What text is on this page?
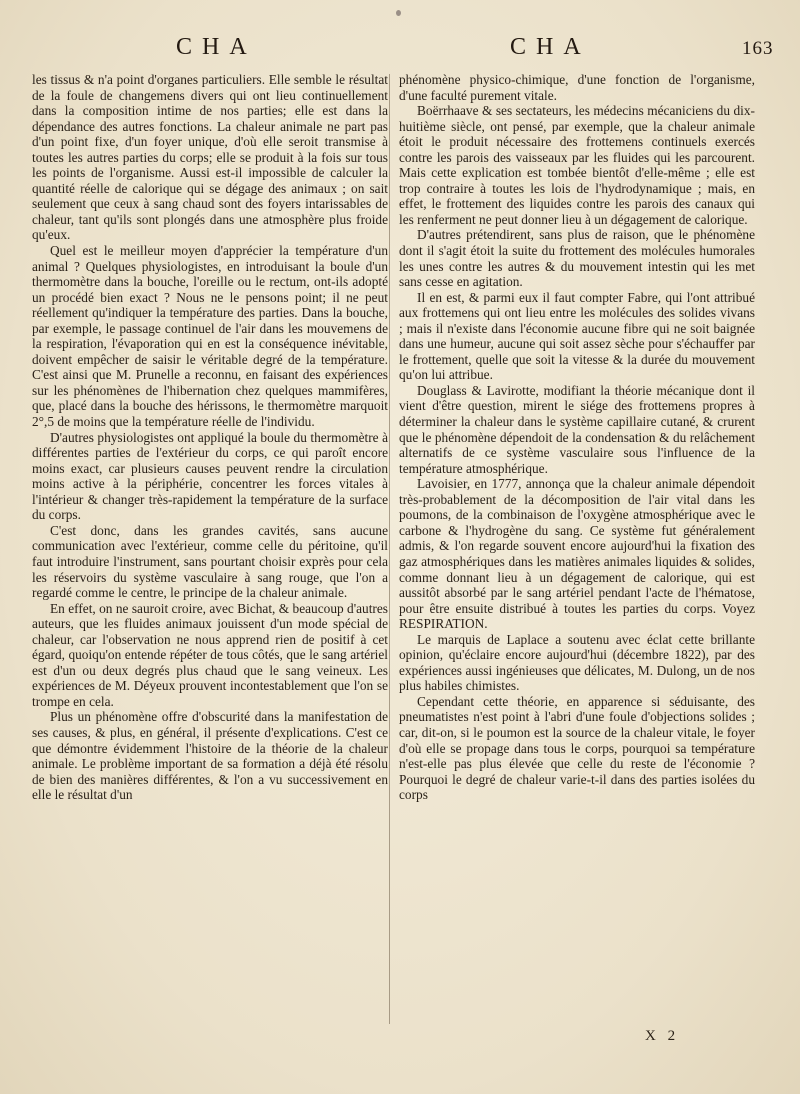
CHA	CHA	163

les tissus & n'a point d'organes particuliers. Elle semble le résultat de la foule de changemens divers qui ont lieu continuellement dans la composition intime de nos parties; elle est dans la dépendance des autres fonctions. La chaleur animale ne part pas d'un point fixe, d'un foyer unique, d'où elle seroit transmise à toutes les autres parties du corps; elle se produit à la fois sur tous les points de l'organisme. Aussi est-il impossible de calculer la quantité réelle de calorique qui se dégage des animaux ; on sait seulement que ceux à sang chaud sont des foyers intarissables de chaleur, tant qu'ils sont plongés dans une atmosphère plus froide qu'eux.

Quel est le meilleur moyen d'apprécier la température d'un animal ? Quelques physiologistes, en introduisant la boule d'un thermomètre dans la bouche, l'oreille ou le rectum, ont-ils adopté un procédé bien exact ? Nous ne le pensons point; il ne peut réellement qu'indiquer la température des parties. Dans la bouche, par exemple, le passage continuel de l'air dans les mouvemens de la respiration, l'évaporation qui en est la conséquence inévitable, doivent empêcher de saisir le véritable degré de la température. C'est ainsi que M. Prunelle a reconnu, en faisant des expériences sur les phénomènes de l'hibernation chez quelques mammifères, que, placé dans la bouche des hérissons, le thermomètre marquoit 2°,5 de moins que la température réelle de l'individu.

D'autres physiologistes ont appliqué la boule du thermomètre à différentes parties de l'extérieur du corps, ce qui paroît encore moins exact, car plusieurs causes peuvent rendre la circulation moins active à la périphérie, concentrer les forces vitales à l'intérieur & changer très-rapidement la température de la surface du corps.

C'est donc, dans les grandes cavités, sans aucune communication avec l'extérieur, comme celle du péritoine, qu'il faut introduire l'instrument, sans pourtant choisir exprès pour cela les réservoirs du système vasculaire à sang rouge, que l'on a regardé comme le centre, le principe de la chaleur animale.

En effet, on ne sauroit croire, avec Bichat, & beaucoup d'autres auteurs, que les fluides animaux jouissent d'un mode spécial de chaleur, car l'observation ne nous apprend rien de positif à cet égard, quoiqu'on entende répéter de tous côtés, que le sang artériel est d'un ou deux degrés plus chaud que le sang veineux. Les expériences de M. Déyeux prouvent incontestablement que l'on se trompe en cela.

Plus un phénomène offre d'obscurité dans la manifestation de ses causes, & plus, en général, il présente d'explications. C'est ce que démontre évidemment l'histoire de la théorie de la chaleur animale. Le problème important de sa formation a déjà été résolu de bien des manières différentes, & l'on a vu successivement en elle le résultat d'un

phénomène physico-chimique, d'une fonction de l'organisme, d'une faculté purement vitale.

Boërrhaave & ses sectateurs, les médecins mécaniciens du dix-huitième siècle, ont pensé, par exemple, que la chaleur animale étoit le produit nécessaire des frottemens continuels exercés contre les parois des vaisseaux par les fluides qui les parcourent. Mais cette explication est tombée bientôt d'elle-même ; elle est trop contraire à toutes les lois de l'hydrodynamique ; mais, en effet, le frottement des liquides contre les parois des canaux qui les renferment ne peut donner lieu à un dégagement de calorique.

D'autres prétendirent, sans plus de raison, que le phénomène dont il s'agit étoit la suite du frottement des molécules humorales les unes contre les autres & du mouvement intestin qui les met sans cesse en agitation.

Il en est, & parmi eux il faut compter Fabre, qui l'ont attribué aux frottemens qui ont lieu entre les molécules des solides vivans ; mais il n'existe dans l'économie aucune fibre qui ne soit baignée dans une humeur, aucune qui soit assez sèche pour s'échauffer par le frottement, quelle que soit la vitesse & la durée du mouvement qu'on lui attribue.

Douglass & Lavirotte, modifiant la théorie mécanique dont il vient d'être question, mirent le siége des frottemens propres à déterminer la chaleur dans le système capillaire cutané, & crurent que le phénomène dépendoit de la condensation & du relâchement alternatifs de ce système vasculaire sous l'influence de la température atmosphérique.

Lavoisier, en 1777, annonça que la chaleur animale dépendoit très-probablement de la décomposition de l'air vital dans les poumons, de la combinaison de l'oxygène atmosphérique avec le carbone & l'hydrogène du sang. Ce système fut généralement admis, & l'on regarde souvent encore aujourd'hui la fixation des gaz atmosphériques dans les matières animales liquides & solides, comme donnant lieu à un dégagement de calorique, qui est aussitôt absorbé par le sang artériel pendant l'acte de l'hématose, pour être ensuite distribué à toutes les parties du corps. Voyez RESPIRATION.

Le marquis de Laplace a soutenu avec éclat cette brillante opinion, qu'éclaire encore aujourd'hui (décembre 1822), par des expériences aussi ingénieuses que délicates, M. Dulong, un de nos plus habiles chimistes.

Cependant cette théorie, en apparence si séduisante, des pneumatistes n'est point à l'abri d'une foule d'objections solides ; car, dit-on, si le poumon est la source de la chaleur vitale, le foyer d'où elle se propage dans tous le corps, pourquoi sa température n'est-elle pas plus élevée que celle du reste de l'économie ? Pourquoi le degré de chaleur varie-t-il dans des parties isolées du corps

X 2
